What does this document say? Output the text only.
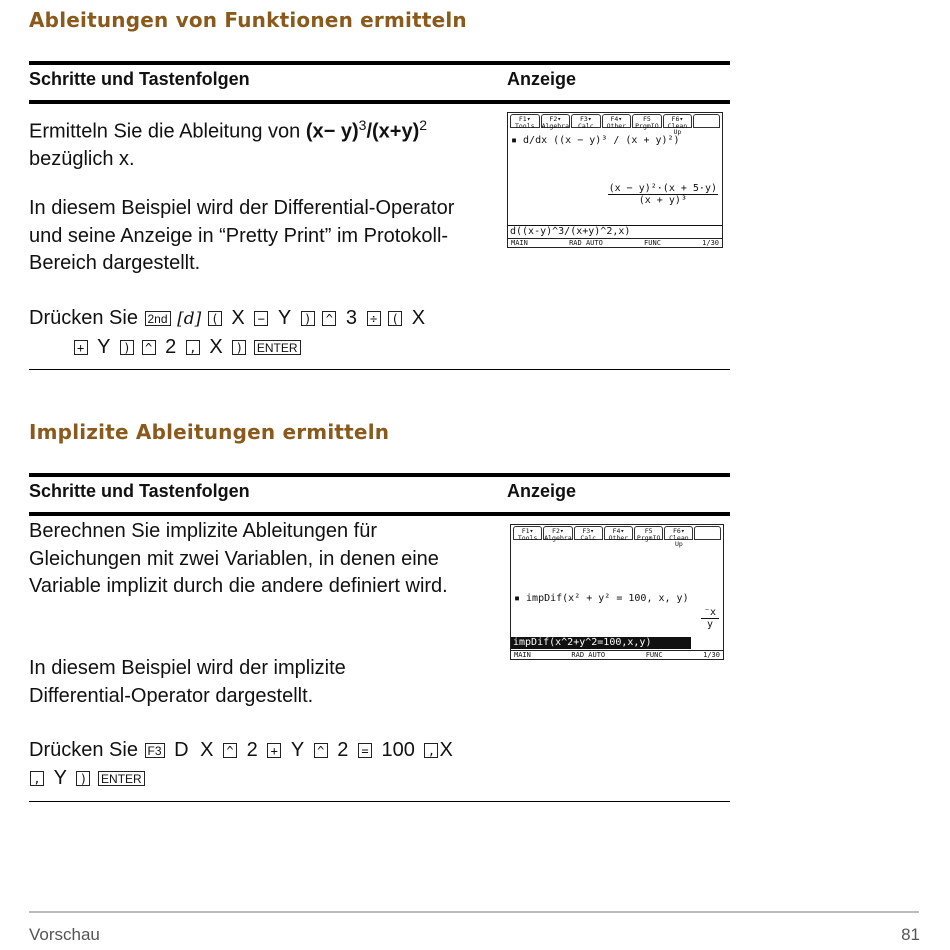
Ableitungen von Funktionen ermitteln
Schritte und Tastenfolgen	Anzeige
Ermitteln Sie die Ableitung von $(x- y)^3/(x+y)^2$
bezüglich x.
In diesem Beispiel wird der Differential-Operator und seine Anzeige in “Pretty Print” im Protokoll-Bereich dargestellt.
Drücken Sie 2nd [d] ( X − Y ) ^ 3 ÷ ( X
+ Y ) ^ 2 , X ) ENTER
F1▾ Tools
F2▾ Algebra
F3▾ Calc
F4▾ Other
F5 PrgmIO
F6▾ Clean Up
▪ d/dx ((x − y)³ / (x + y)²)
(x − y)²·(x + 5·y)
(x + y)³
d((x-y)^3/(x+y)^2,x)
MAIN	RAD AUTO	FUNC	1/30
Implizite Ableitungen ermitteln
Schritte und Tastenfolgen	Anzeige
Berechnen Sie implizite Ableitungen für Gleichungen mit zwei Variablen, in denen eine Variable implizit durch die andere definiert wird.
In diesem Beispiel wird der implizite Differential-Operator dargestellt.
Drücken Sie F3 D X ^ 2 + Y ^ 2 = 100 , X
, Y ) ENTER
F1▾ Tools
F2▾ Algebra
F3▾ Calc
F4▾ Other
F5 PrgmIO
F6▾ Clean Up
▪ impDif(x² + y² = 100, x, y)
⁻x
y
impDif(x^2+y^2=100,x,y)
MAIN	RAD AUTO	FUNC	1/30
Vorschau	81
